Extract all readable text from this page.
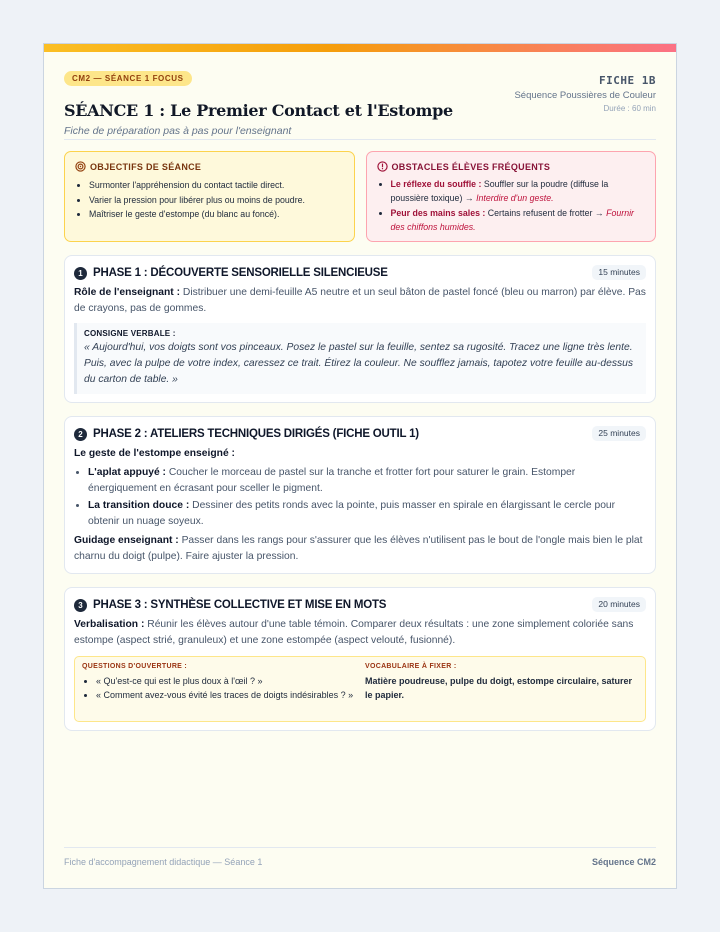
CM2 — SÉANCE 1 FOCUS
SÉANCE 1 : Le Premier Contact et l'Estompe
Fiche de préparation pas à pas pour l'enseignant
FICHE 1B
Séquence Poussières de Couleur
Durée : 60 min
OBJECTIFS DE SÉANCE
• Surmonter l'appréhension du contact tactile direct.
• Varier la pression pour libérer plus ou moins de poudre.
• Maîtriser le geste d'estompe (du blanc au foncé).
OBSTACLES ÉLÈVES FRÉQUENTS
• Le réflexe du souffle : Souffler sur la poudre (diffuse la poussière toxique) → Interdire d'un geste.
• Peur des mains sales : Certains refusent de frotter → Fournir des chiffons humides.
1 PHASE 1 : DÉCOUVERTE SENSORIELLE SILENCIEUSE	15 minutes
Rôle de l'enseignant : Distribuer une demi-feuille A5 neutre et un seul bâton de pastel foncé (bleu ou marron) par élève. Pas de crayons, pas de gommes.
CONSIGNE VERBALE :
« Aujourd'hui, vos doigts sont vos pinceaux. Posez le pastel sur la feuille, sentez sa rugosité. Tracez une ligne très lente. Puis, avec la pulpe de votre index, caressez ce trait. Étirez la couleur. Ne soufflez jamais, tapotez votre feuille au-dessus du carton de table. »
2 PHASE 2 : ATELIERS TECHNIQUES DIRIGÉS (FICHE OUTIL 1)	25 minutes
Le geste de l'estompe enseigné :
• L'aplat appuyé : Coucher le morceau de pastel sur la tranche et frotter fort pour saturer le grain. Estomper énergiquement en écrasant pour sceller le pigment.
• La transition douce : Dessiner des petits ronds avec la pointe, puis masser en spirale en élargissant le cercle pour obtenir un nuage soyeux.
Guidage enseignant : Passer dans les rangs pour s'assurer que les élèves n'utilisent pas le bout de l'ongle mais bien le plat charnu du doigt (pulpe). Faire ajuster la pression.
3 PHASE 3 : SYNTHÈSE COLLECTIVE ET MISE EN MOTS	20 minutes
Verbalisation : Réunir les élèves autour d'une table témoin. Comparer deux résultats : une zone simplement coloriée sans estompe (aspect strié, granuleux) et une zone estompée (aspect velouté, fusionné).
QUESTIONS D'OUVERTURE :
• « Qu'est-ce qui est le plus doux à l'œil ? »
• « Comment avez-vous évité les traces de doigts indésirables ? »
VOCABULAIRE À FIXER :
Matière poudreuse, pulpe du doigt, estompe circulaire, saturer le papier.
Fiche d'accompagnement didactique — Séance 1	Séquence CM2
